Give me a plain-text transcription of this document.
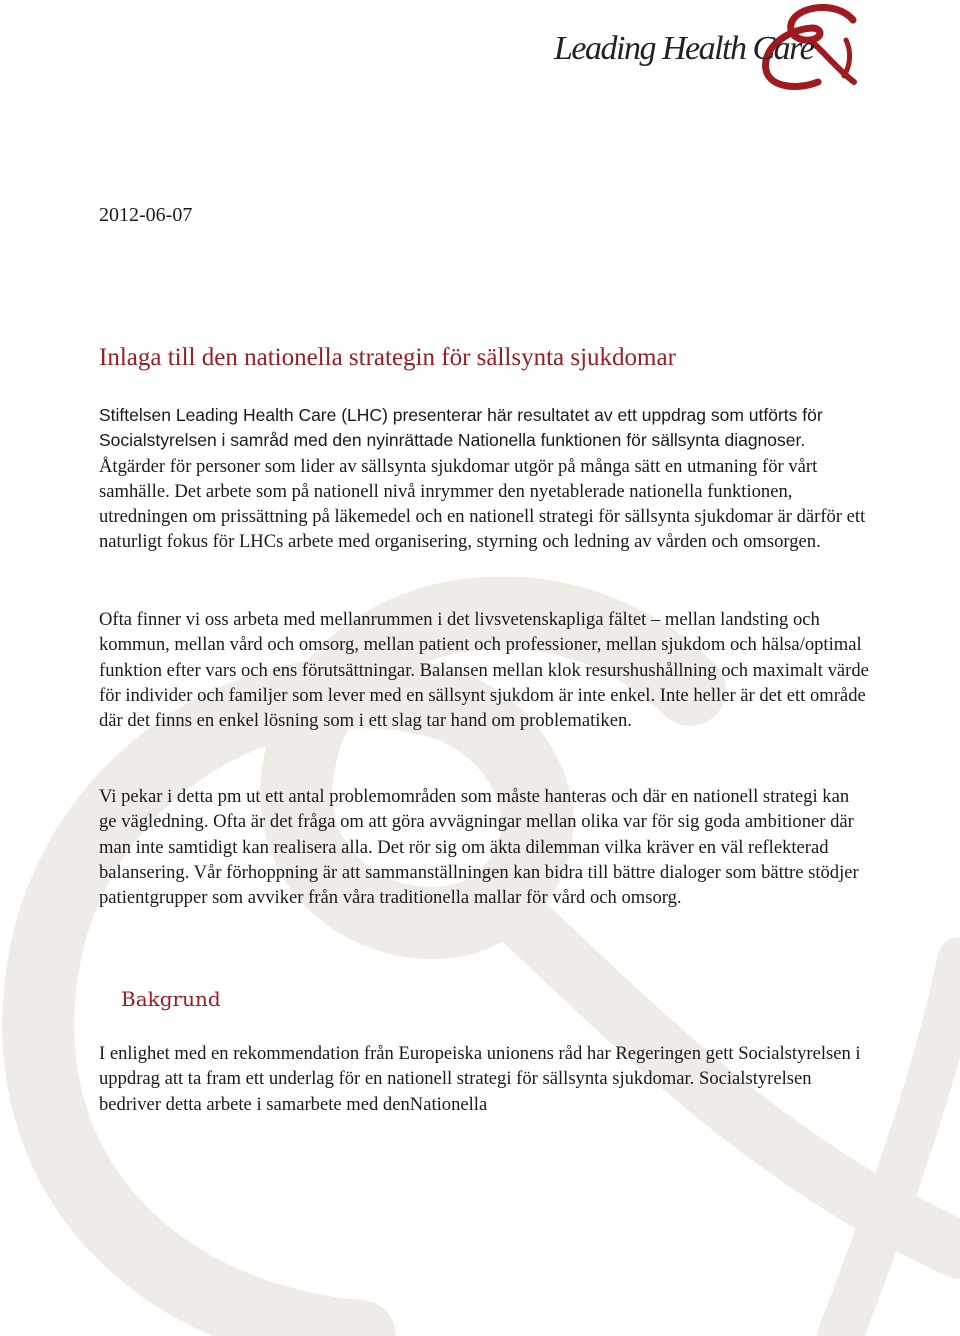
Leading Health Care
2012-06-07
Inlaga till den nationella strategin för sällsynta sjukdomar

Stiftelsen Leading Health Care (LHC) presenterar här resultatet av ett uppdrag som utförts för Socialstyrelsen i samråd med den nyinrättade Nationella funktionen för sällsynta diagnoser. Åtgärder för personer som lider av sällsynta sjukdomar utgör på många sätt en utmaning för vårt samhälle. Det arbete som på nationell nivå inrymmer den nyetablerade nationella funktionen, utredningen om prissättning på läkemedel och en nationell strategi för sällsynta sjukdomar är därför ett naturligt fokus för LHCs arbete med organisering, styrning och ledning av vården och omsorgen.

Ofta finner vi oss arbeta med mellanrummen i det livsvetenskapliga fältet – mellan landsting och kommun, mellan vård och omsorg, mellan patient och professioner, mellan sjukdom och hälsa/optimal funktion efter vars och ens förutsättningar. Balansen mellan klok resurshushållning och maximalt värde för individer och familjer som lever med en sällsynt sjukdom är inte enkel. Inte heller är det ett område där det finns en enkel lösning som i ett slag tar hand om problematiken.

Vi pekar i detta pm ut ett antal problemområden som måste hanteras och där en nationell strategi kan ge vägledning. Ofta är det fråga om att göra avvägningar mellan olika var för sig goda ambitioner där man inte samtidigt kan realisera alla. Det rör sig om äkta dilemman vilka kräver en väl reflekterad balansering. Vår förhoppning är att sammanställningen kan bidra till bättre dialoger som bättre stödjer patientgrupper som avviker från våra traditionella mallar för vård och omsorg.

Bakgrund

I enlighet med en rekommendation från Europeiska unionens råd har Regeringen gett Socialstyrelsen i uppdrag att ta fram ett underlag för en nationell strategi för sällsynta sjukdomar. Socialstyrelsen bedriver detta arbete i samarbete med denNationella
